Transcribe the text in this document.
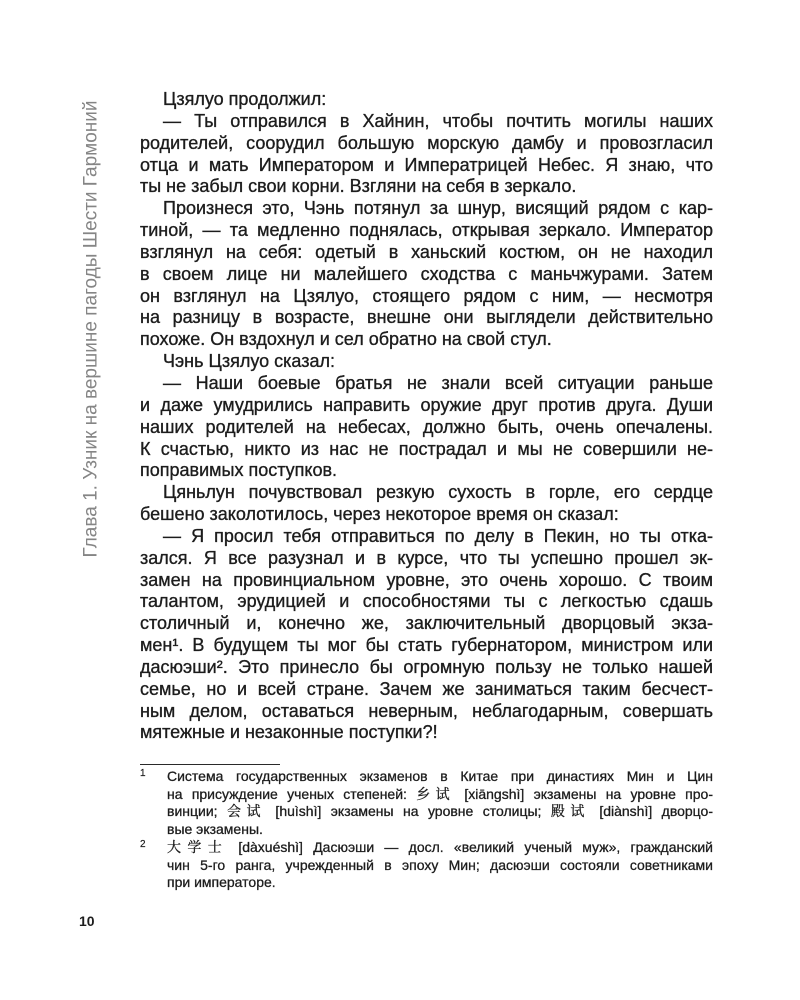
Глава 1. Узник на вершине пагоды Шести Гармоний
Цзялуо продолжил:
— Ты отправился в Хайнин, чтобы почтить могилы наших
родителей, соорудил большую морскую дамбу и провозгласил
отца и мать Императором и Императрицей Небес. Я знаю, что
ты не забыл свои корни. Взгляни на себя в зеркало.
Произнеся это, Чэнь потянул за шнур, висящий рядом с кар-
тиной, — та медленно поднялась, открывая зеркало. Император
взглянул на себя: одетый в ханьский костюм, он не находил
в своем лице ни малейшего сходства с маньчжурами. Затем
он взглянул на Цзялуо, стоящего рядом с ним, — несмотря
на разницу в возрасте, внешне они выглядели действительно
похоже. Он вздохнул и сел обратно на свой стул.
Чэнь Цзялуо сказал:
— Наши боевые братья не знали всей ситуации раньше
и даже умудрились направить оружие друг против друга. Души
наших родителей на небесах, должно быть, очень опечалены.
К счастью, никто из нас не пострадал и мы не совершили не-
поправимых поступков.
Цяньлун почувствовал резкую сухость в горле, его сердце
бешено заколотилось, через некоторое время он сказал:
— Я просил тебя отправиться по делу в Пекин, но ты отка-
зался. Я все разузнал и в курсе, что ты успешно прошел эк-
замен на провинциальном уровне, это очень хорошо. С твоим
талантом, эрудицией и способностями ты с легкостью сдашь
столичный и, конечно же, заключительный дворцовый экза-
мен¹. В будущем ты мог бы стать губернатором, министром или
дасюэши². Это принесло бы огромную пользу не только нашей
семье, но и всей стране. Зачем же заниматься таким бесчест-
ным делом, оставаться неверным, неблагодарным, совершать
мятежные и незаконные поступки?!
1 Система государственных экзаменов в Китае при династиях Мин и Цин
на присуждение ученых степеней: 乡试 [xiāngshì] экзамены на уровне про-
винции; 会试 [huìshì] экзамены на уровне столицы; 殿试 [diànshì] дворцо-
вые экзамены.
2 大学士 [dàxuéshì] Дасюэши — досл. «великий ученый муж», гражданский
чин 5-го ранга, учрежденный в эпоху Мин; дасюэши состояли советниками
при императоре.
10
